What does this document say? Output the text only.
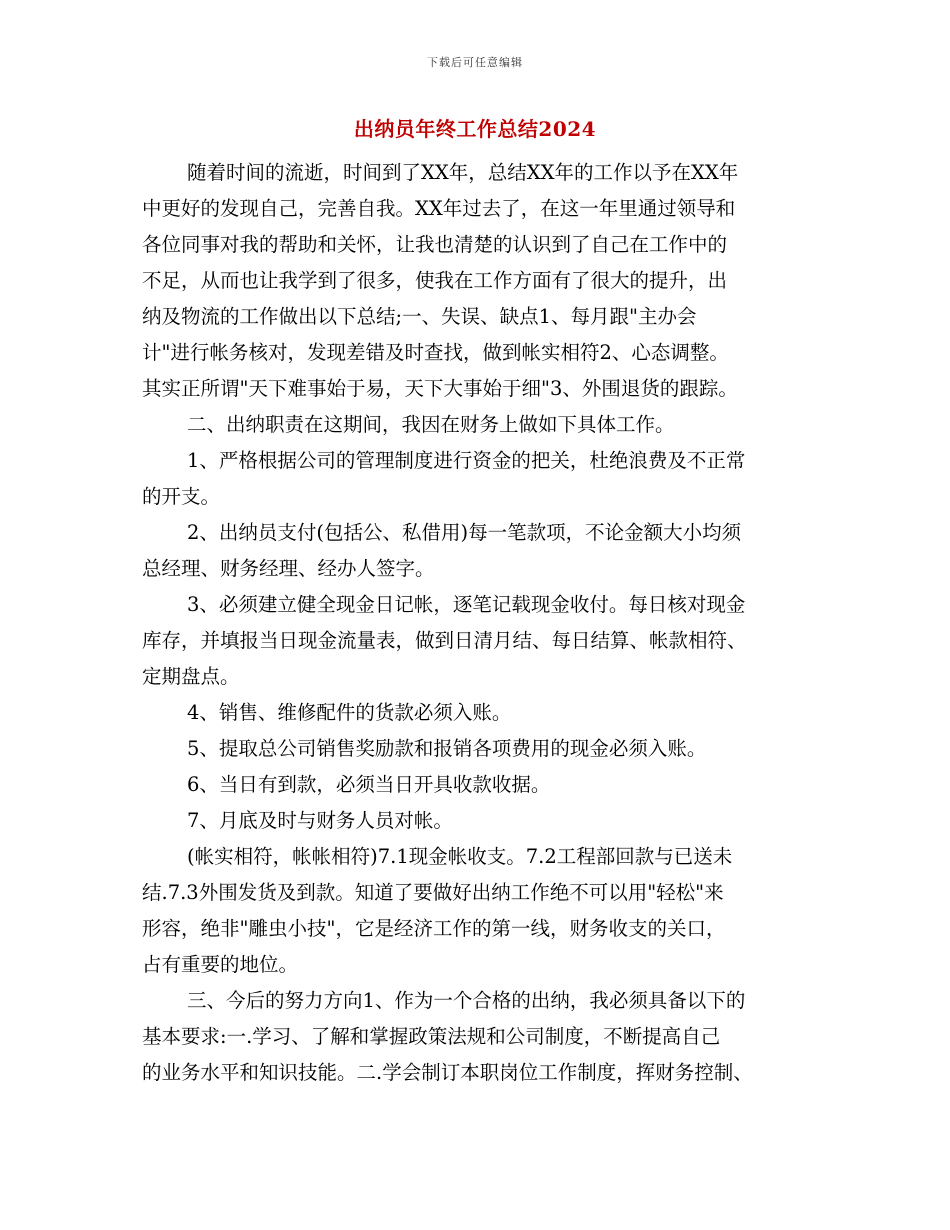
下载后可任意编辑
出纳员年终工作总结2024
随着时间的流逝，时间到了XX年，总结XX年的工作以予在XX年
中更好的发现自己，完善自我。XX年过去了，在这一年里通过领导和
各位同事对我的帮助和关怀，让我也清楚的认识到了自己在工作中的
不足，从而也让我学到了很多，使我在工作方面有了很大的提升，出
纳及物流的工作做出以下总结;一、失误、缺点1、每月跟"主办会
计"进行帐务核对，发现差错及时查找，做到帐实相符2、心态调整。
其实正所谓"天下难事始于易，天下大事始于细"3、外围退货的跟踪。
二、出纳职责在这期间，我因在财务上做如下具体工作。
1、严格根据公司的管理制度进行资金的把关，杜绝浪费及不正常
的开支。
2、出纳员支付(包括公、私借用)每一笔款项，不论金额大小均须
总经理、财务经理、经办人签字。
3、必须建立健全现金日记帐，逐笔记载现金收付。每日核对现金
库存，并填报当日现金流量表，做到日清月结、每日结算、帐款相符、
定期盘点。
4、销售、维修配件的货款必须入账。
5、提取总公司销售奖励款和报销各项费用的现金必须入账。
6、当日有到款，必须当日开具收款收据。
7、月底及时与财务人员对帐。
(帐实相符，帐帐相符)7.1现金帐收支。7.2工程部回款与已送未
结.7.3外围发货及到款。知道了要做好出纳工作绝不可以用"轻松"来
形容，绝非"雕虫小技"，它是经济工作的第一线，财务收支的关口，
占有重要的地位。
三、今后的努力方向1、作为一个合格的出纳，我必须具备以下的
基本要求:一.学习、了解和掌握政策法规和公司制度，不断提高自己
的业务水平和知识技能。二.学会制订本职岗位工作制度，挥财务控制、
